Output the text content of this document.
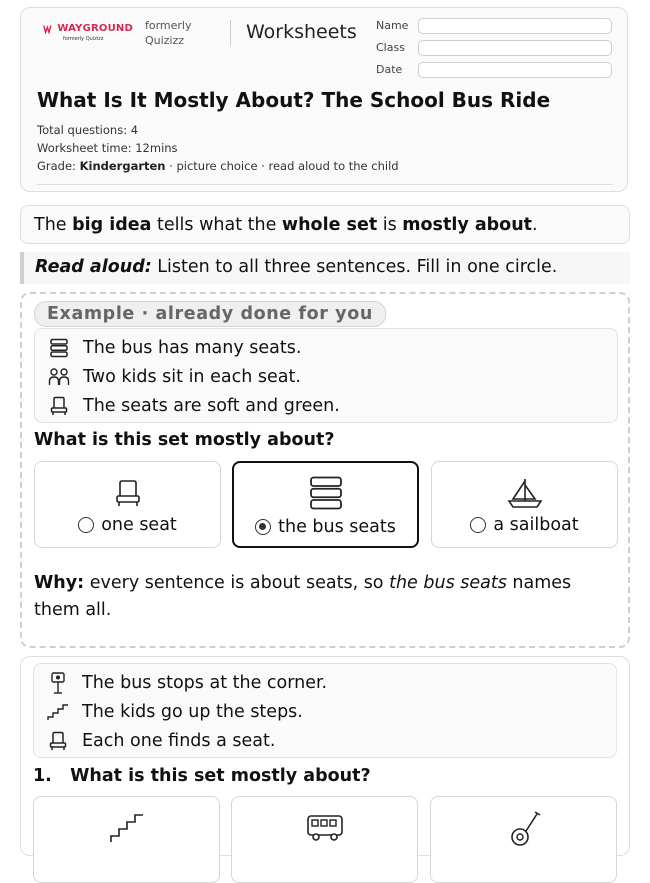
WAYGROUND
formerly Quizizz
formerly
Quizizz	Worksheets Name
Class
Date
What Is It Mostly About? The School Bus Ride
Total questions: 4
Worksheet time: 12mins
Grade: Kindergarten · picture choice · read aloud to the child
The big idea tells what the whole set is mostly about.
Read aloud: Listen to all three sentences. Fill in one circle.
Example · already done for you
The bus has many seats.
Two kids sit in each seat.
The seats are soft and green.
What is this set mostly about?
one seat	the bus seats	a sailboat
Why: every sentence is about seats, so the bus seats names them all.
The bus stops at the corner.
The kids go up the steps.
Each one finds a seat.
1. What is this set mostly about?
